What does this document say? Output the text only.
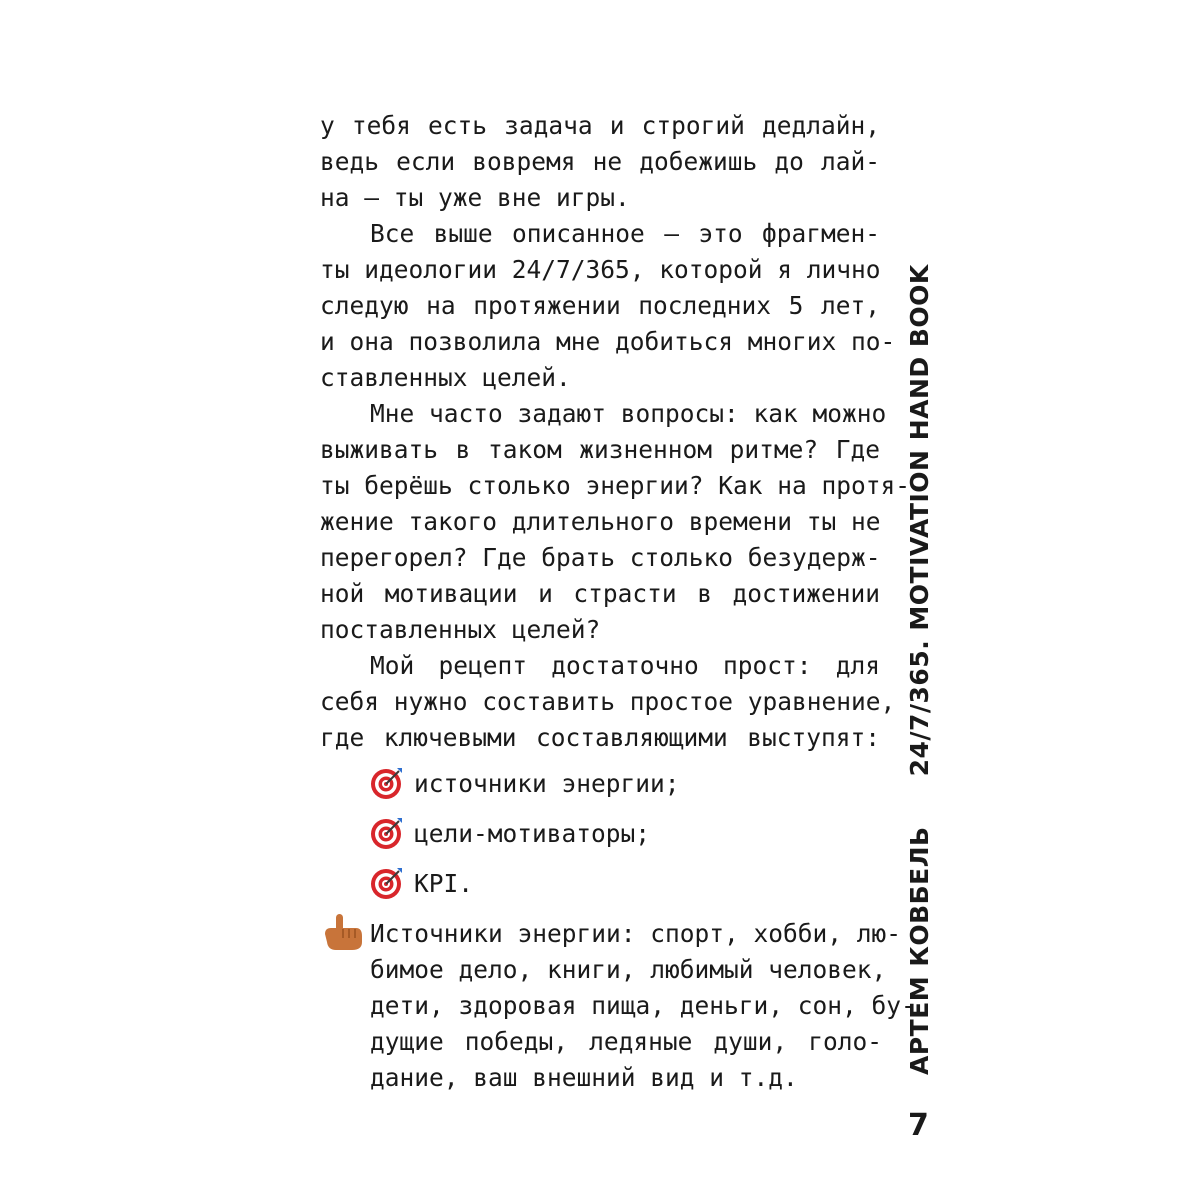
у тебя есть задача и строгий дедлайн,
ведь если вовремя не добежишь до лай-
на — ты уже вне игры.
Все выше описанное — это фрагмен-
ты идеологии 24/7/365, которой я лично
следую на протяжении последних 5 лет,
и она позволила мне добиться многих по-
ставленных целей.
Мне часто задают вопросы: как можно
выживать в таком жизненном ритме? Где
ты берёшь столько энергии? Как на протя-
жение такого длительного времени ты не
перегорел? Где брать столько безудерж-
ной мотивации и страсти в достижении
поставленных целей?
Мой рецепт достаточно прост: для
себя нужно составить простое уравнение,
где ключевыми составляющими выступят:
источники энергии;
цели-мотиваторы;
KPI.
Источники энергии: спорт, хобби, лю-
бимое дело, книги, любимый человек,
дети, здоровая пища, деньги, сон, бу-
дущие победы, ледяные души, голо-
дание, ваш внешний вид и т.д.
АРТЕМ КОВБЕЛЬ24/7/365. MOTIVATION HAND BOOK
7
